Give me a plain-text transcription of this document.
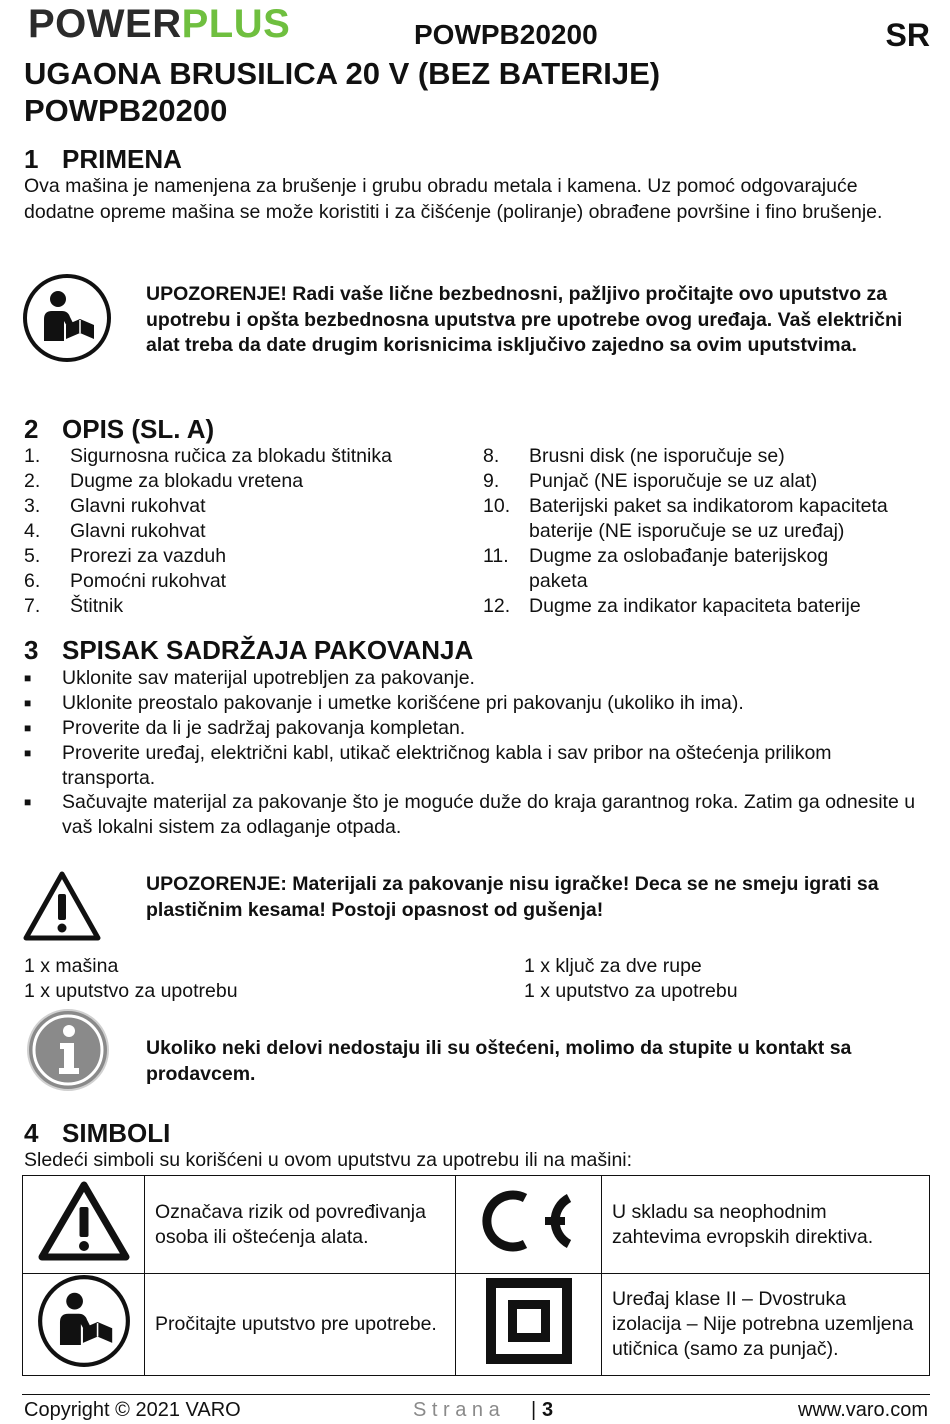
POWERPLUS	POWPB20200	SR
UGAONA BRUSILICA 20 V (BEZ BATERIJE)
POWPB20200
1 PRIMENA
Ova mašina je namenjena za brušenje i grubu obradu metala i kamena. Uz pomoć odgovarajuće dodatne opreme mašina se može koristiti i za čišćenje (poliranje) obrađene površine i fino brušenje.
UPOZORENJE! Radi vaše lične bezbednosni, pažljivo pročitajte ovo uputstvo za upotrebu i opšta bezbednosna uputstva pre upotrebe ovog uređaja. Vaš električni alat treba da date drugim korisnicima isključivo zajedno sa ovim uputstvima.
2 OPIS (SL. A)
1. Sigurnosna ručica za blokadu štitnika
2. Dugme za blokadu vretena
3. Glavni rukohvat
4. Glavni rukohvat
5. Prorezi za vazduh
6. Pomoćni rukohvat
7. Štitnik
8. Brusni disk (ne isporučuje se)
9. Punjač (NE isporučuje se uz alat)
10. Baterijski paket sa indikatorom kapaciteta
baterije (NE isporučuje se uz uređaj)
11. Dugme za oslobađanje baterijskog
paketa
12. Dugme za indikator kapaciteta baterije
3 SPISAK SADRŽAJA PAKOVANJA
■ Uklonite sav materijal upotrebljen za pakovanje.
■ Uklonite preostalo pakovanje i umetke korišćene pri pakovanju (ukoliko ih ima).
■ Proverite da li je sadržaj pakovanja kompletan.
■ Proverite uređaj, električni kabl, utikač električnog kabla i sav pribor na oštećenja prilikom transporta.
■ Sačuvajte materijal za pakovanje što je moguće duže do kraja garantnog roka. Zatim ga odnesite u vaš lokalni sistem za odlaganje otpada.
UPOZORENJE: Materijali za pakovanje nisu igračke! Deca se ne smeju igrati sa plastičnim kesama! Postoji opasnost od gušenja!
1 x mašina
1 x uputstvo za upotrebu
1 x ključ za dve rupe
1 x uputstvo za upotrebu
Ukoliko neki delovi nedostaju ili su oštećeni, molimo da stupite u kontakt sa prodavcem.
4 SIMBOLI
Sledeći simboli su korišćeni u ovom uputstvu za upotrebu ili na mašini:
	Označava rizik od povređivanja osoba ili oštećenja alata.		U skladu sa neophodnim zahtevima evropskih direktiva.

	Pročitajte uputstvo pre upotrebe.		Uređaj klase II – Dvostruka izolacija – Nije potrebna uzemljena utičnica (samo za punjač).
Copyright © 2021 VARO	S t r a n a | 3	www.varo.com
